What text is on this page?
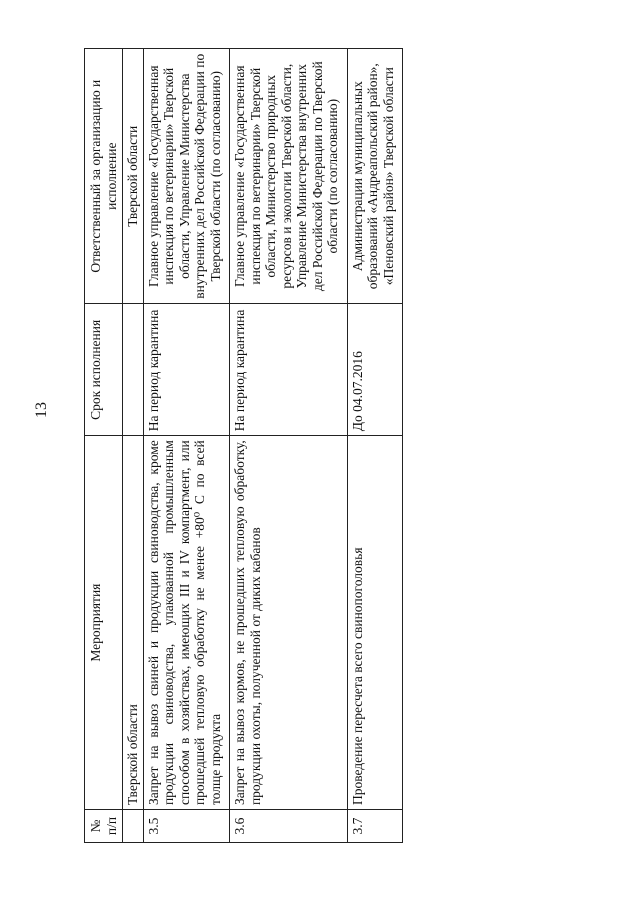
13
№ п/п	Мероприятия	Срок исполнения	Ответственный за организацию и исполнение
	Тверской области		Тверской области
3.5	Запрет на вывоз свиней и продукции свиноводства, кроме продукции свиноводства, упакованной промышленным способом в хозяйствах, имеющих III и IV компартмент, или прошедшей тепловую обработку не менее +80⁰ С по всей толще продукта	На период карантина	Главное управление «Государственная инспекция по ветеринарии» Тверской области, Управление Министерства внутренних дел Российской Федерации по Тверской области (по согласованию)
3.6	Запрет на вывоз кормов, не прошедших тепловую обработку, продукции охоты, полученной от диких кабанов	На период карантина	Главное управление «Государственная инспекция по ветеринарии» Тверской области, Министерство природных ресурсов и экологии Тверской области, Управление Министерства внутренних дел Российской Федерации по Тверской области (по согласованию)
3.7	Проведение пересчета всего свинопоголовья	До 04.07.2016	Администрации муниципальных образований «Андреапольский район», «Пеновский район» Тверской области
